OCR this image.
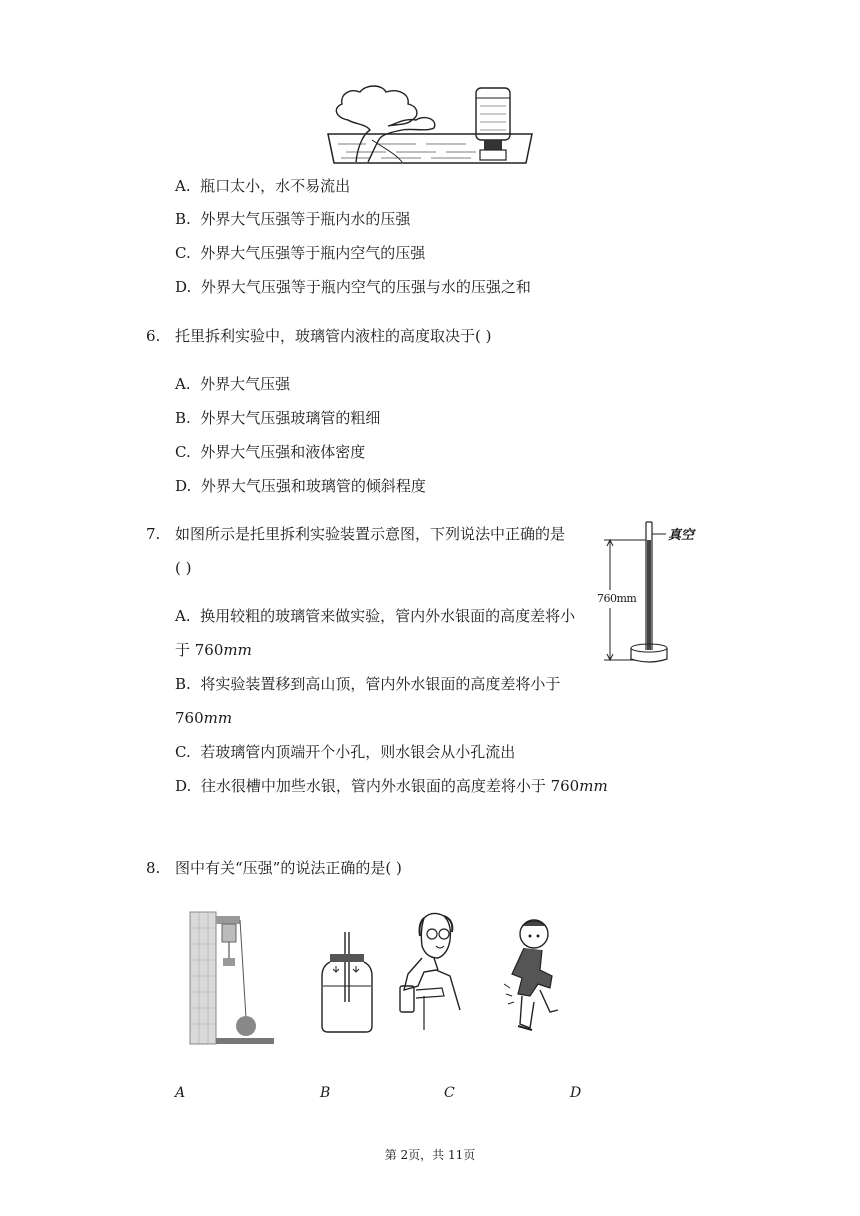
A. 瓶口太小，水不易流出
B. 外界大气压强等于瓶内水的压强
C. 外界大气压强等于瓶内空气的压强
D. 外界大气压强等于瓶内空气的压强与水的压强之和
6. 托里拆利实验中，玻璃管内液柱的高度取决于( )
A. 外界大气压强
B. 外界大气压强玻璃管的粗细
C. 外界大气压强和液体密度
D. 外界大气压强和玻璃管的倾斜程度
7. 如图所示是托里拆利实验装置示意图，下列说法中正确的是
( )
A. 换用较粗的玻璃管来做实验，管内外水银面的高度差将小
于 760mm
B. 将实验装置移到高山顶，管内外水银面的高度差将小于
760mm
C. 若玻璃管内顶端开个小孔，则水银会从小孔流出
D. 往水很槽中加些水银，管内外水银面的高度差将小于 760mm
真空
760mm
8. 图中有关“压强”的说法正确的是( )
A	B	C	D
第 2页，共 11页
